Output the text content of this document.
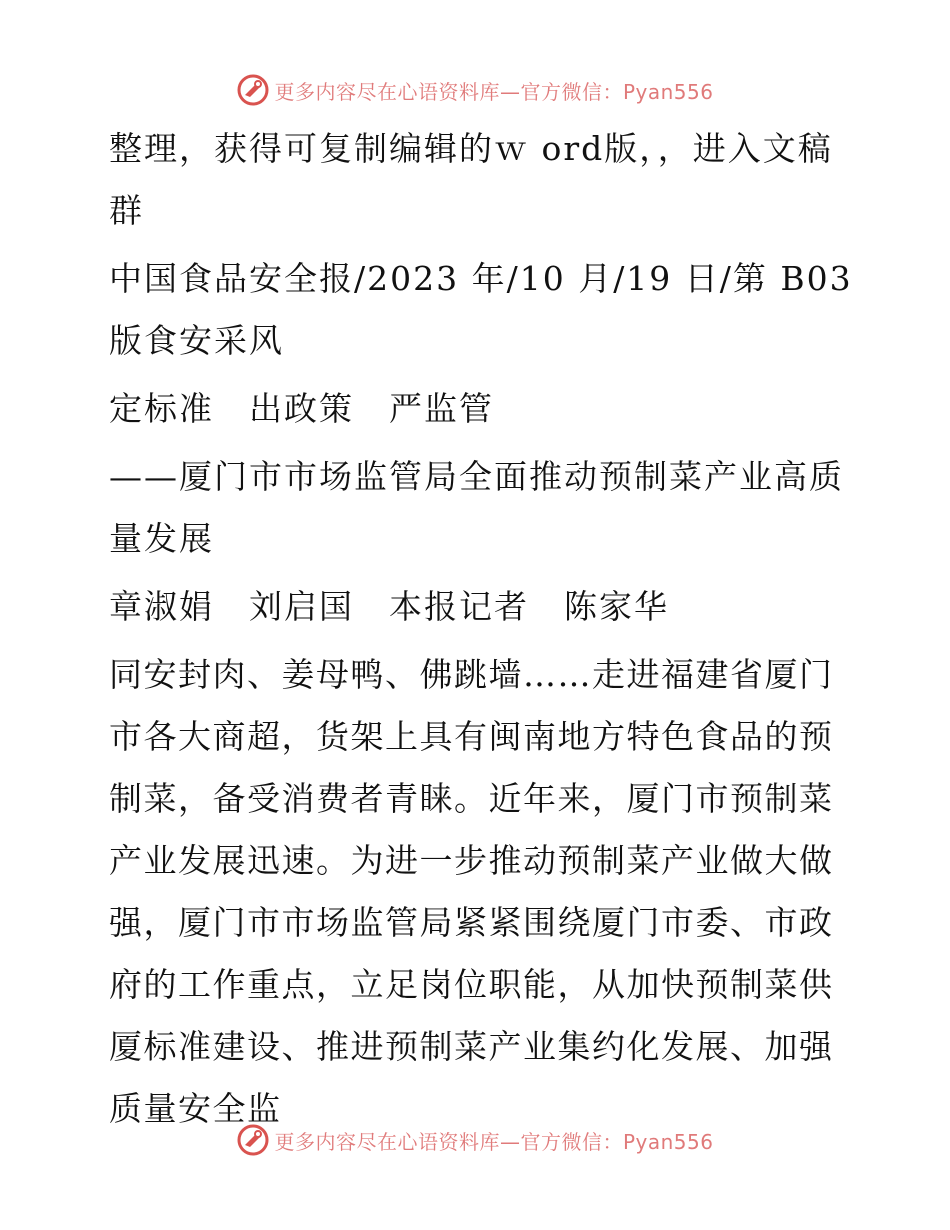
更多内容尽在心语资料库—官方微信：Pyan556

整理，获得可复制编辑的ｗ ord版，，进入文稿群

中国食品安全报/2023 年/10 月/19 日/第 B03 版食安采风

定标准　出政策　严监管

——厦门市市场监管局全面推动预制菜产业高质量发展

章淑娟　刘启国　本报记者　陈家华

同安封肉、姜母鸭、佛跳墙……走进福建省厦门市各大商超，货架上具有闽南地方特色食品的预制菜，备受消费者青睐。近年来，厦门市预制菜产业发展迅速。为进一步推动预制菜产业做大做强，厦门市市场监管局紧紧围绕厦门市委、市政府的工作重点，立足岗位职能，从加快预制菜供厦标准建设、推进预制菜产业集约化发展、加强质量安全监

更多内容尽在心语资料库—官方微信：Pyan556
